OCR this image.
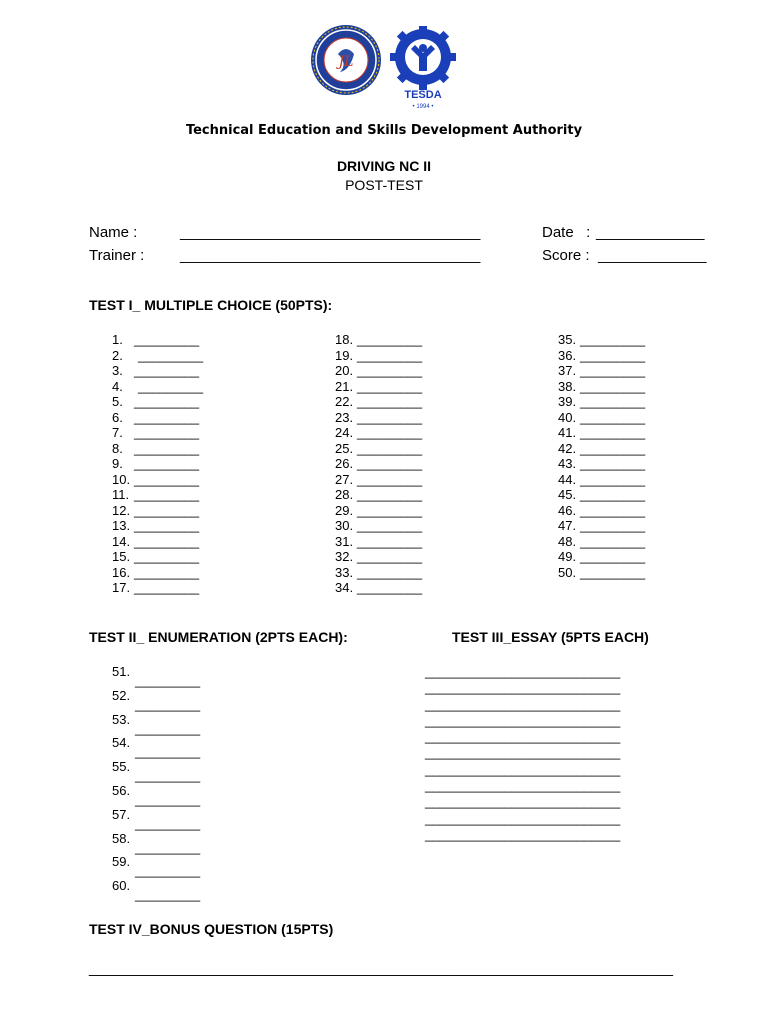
JL
TESDA
• 1994 •
Technical Education and Skills Development Authority
DRIVING NC II
POST-TEST
Name :	____________________________________	Date   : _____________
Trainer : ____________________________________	Score : _____________
TEST I_ MULTIPLE CHOICE (50PTS):
1. _________
2. _________
3. _________
4. _________
5. _________
6. _________
7. _________
8. _________
9. _________
10. _________
11. _________
12. _________
13. _________
14. _________
15. _________
16. _________
17. _________
18. _________
19. _________
20. _________
21. _________
22. _________
23. _________
24. _________
25. _________
26. _________
27. _________
28. _________
29. _________
30. _________
31. _________
32. _________
33. _________
34. _________
35. _________
36. _________
37. _________
38. _________
39. _________
40. _________
41. _________
42. _________
43. _________
44. _________
45. _________
46. _________
47. _________
48. _________
49. _________
50. _________
TEST II_ ENUMERATION (2PTS EACH):
51.
_________
52.
_________
53.
_________
54.
_________
55.
_________
56.
_________
57.
_________
58.
_________
59.
_________
60.
_________
TEST III_ESSAY (5PTS EACH)
___________________________
___________________________
___________________________
___________________________
___________________________
___________________________
___________________________
___________________________
___________________________
___________________________
___________________________
TEST IV_BONUS QUESTION (15PTS)
______________________________________________________________________
